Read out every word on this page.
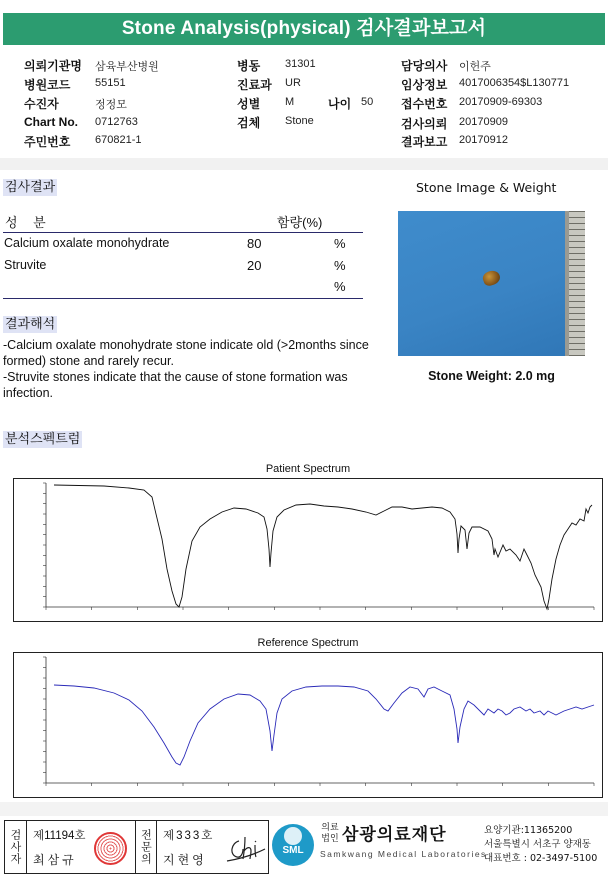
Stone Analysis(physical) 검사결과보고서
의뢰기관명 삼육부산병원
병원코드 55151
수진자	정정모
Chart No. 0712763
주민번호 670821-1
병동 31301
진료과 UR
성별 M	나이 50
검체 Stone
담당의사 이헌주
임상정보 4017006354$L130771
접수번호 20170909-69303
검사의뢰 20170909
결과보고 20170912
검사결과
성 분	함량(%)
Calcium oxalate monohydrate	80	%
Struvite	20	%
%
Stone Image & Weight
Stone Weight: 2.0 mg
결과해석
-Calcium oxalate monohydrate stone indicate old (>2months since formed) stone and rarely recur.
-Struvite stones indicate that the cause of stone formation was infection.
분석스펙트럼
Patient Spectrum
Reference Spectrum
검사자 제11194호
최삼규	전문의 제333호
지현영
SML
의료법인 삼광의료재단
Samkwang Medical Laboratories
요양기관:11365200
서울특별시 서초구 양재동
대표번호 : 02-3497-5100
